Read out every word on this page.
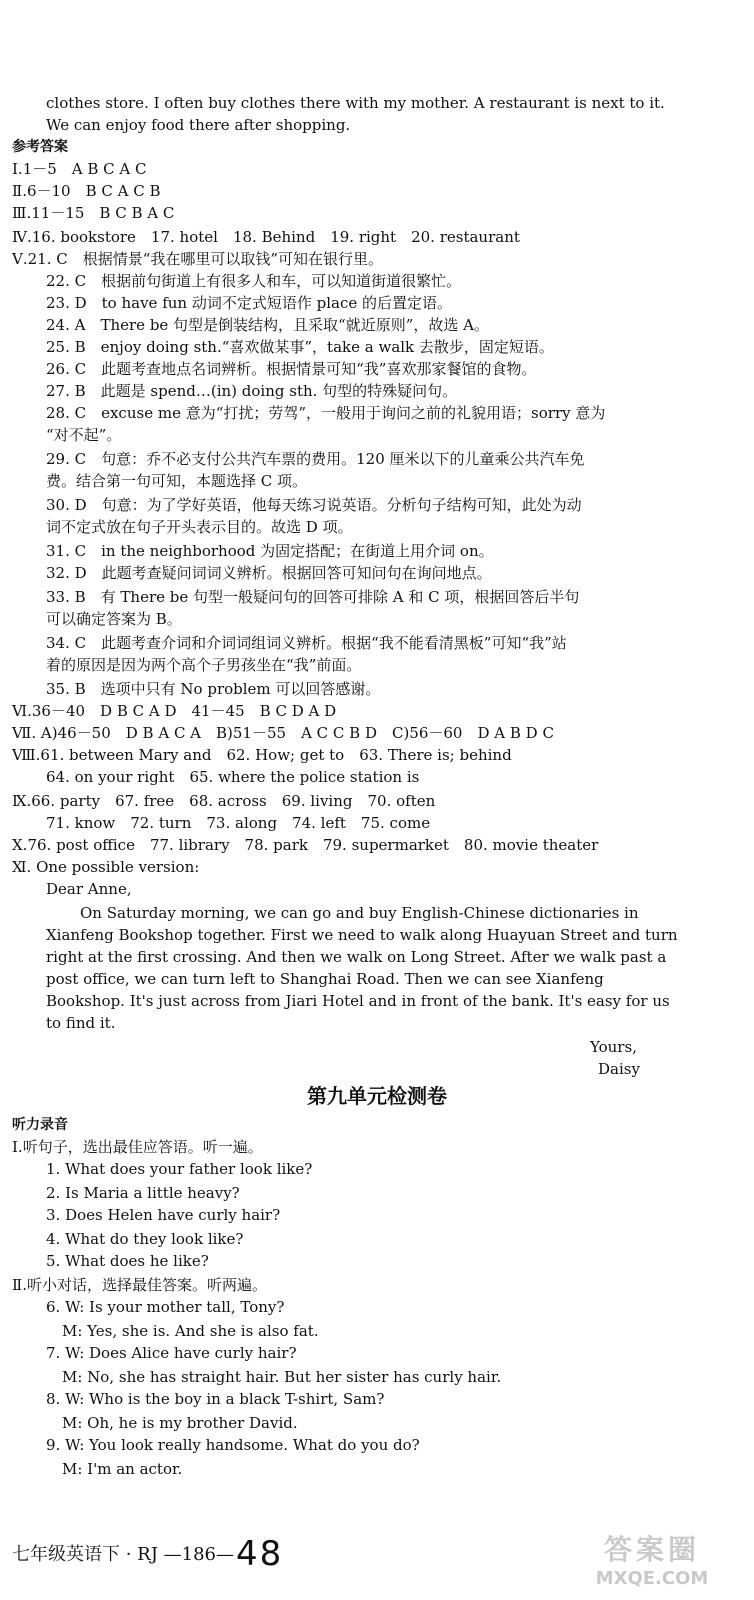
clothes store. I often buy clothes there with my mother. A restaurant is next to it.
We can enjoy food there after shopping.
参考答案
Ⅰ.1－5　A B C A C
Ⅱ.6－10　B C A C B
Ⅲ.11－15　B C B A C
Ⅳ.16. bookstore　17. hotel　18. Behind　19. right　20. restaurant
Ⅴ.21. C　根据情景“我在哪里可以取钱”可知在银行里。
22. C　根据前句街道上有很多人和车，可以知道街道很繁忙。
23. D　to have fun 动词不定式短语作 place 的后置定语。
24. A　There be 句型是倒装结构，且采取“就近原则”，故选 A。
25. B　enjoy doing sth.“喜欢做某事”，take a walk 去散步，固定短语。
26. C　此题考查地点名词辨析。根据情景可知“我”喜欢那家餐馆的食物。
27. B　此题是 spend…(in) doing sth. 句型的特殊疑问句。
28. C　excuse me 意为“打扰；劳驾”，一般用于询问之前的礼貌用语；sorry 意为
“对不起”。
29. C　句意：乔不必支付公共汽车票的费用。120 厘米以下的儿童乘公共汽车免
费。结合第一句可知，本题选择 C 项。
30. D　句意：为了学好英语，他每天练习说英语。分析句子结构可知，此处为动
词不定式放在句子开头表示目的。故选 D 项。
31. C　in the neighborhood 为固定搭配；在街道上用介词 on。
32. D　此题考查疑问词词义辨析。根据回答可知问句在询问地点。
33. B　有 There be 句型一般疑问句的回答可排除 A 和 C 项，根据回答后半句
可以确定答案为 B。
34. C　此题考查介词和介词词组词义辨析。根据“我不能看清黑板”可知“我”站
着的原因是因为两个高个子男孩坐在“我”前面。
35. B　选项中只有 No problem 可以回答感谢。
Ⅵ.36－40　D B C A D　41－45　B C D A D
Ⅶ. A)46－50　D B A C A　B)51－55　A C C B D　C)56－60　D A B D C
Ⅷ.61. between Mary and　62. How; get to　63. There is; behind
64. on your right　65. where the police station is
Ⅸ.66. party　67. free　68. across　69. living　70. often
71. know　72. turn　73. along　74. left　75. come
Ⅹ.76. post office　77. library　78. park　79. supermarket　80. movie theater
Ⅺ. One possible version:
Dear Anne,
On Saturday morning, we can go and buy English-Chinese dictionaries in
Xianfeng Bookshop together. First we need to walk along Huayuan Street and turn
right at the first crossing. And then we walk on Long Street. After we walk past a
post office, we can turn left to Shanghai Road. Then we can see Xianfeng
Bookshop. It's just across from Jiari Hotel and in front of the bank. It's easy for us
to find it.
Yours,
Daisy
听力录音
Ⅰ.听句子，选出最佳应答语。听一遍。
1. What does your father look like?
2. Is Maria a little heavy?
3. Does Helen have curly hair?
4. What do they look like?
5. What does he like?
Ⅱ.听小对话，选择最佳答案。听两遍。
6. W: Is your mother tall, Tony?
M: Yes, she is. And she is also fat.
7. W: Does Alice have curly hair?
M: No, she has straight hair. But her sister has curly hair.
8. W: Who is the boy in a black T-shirt, Sam?
M: Oh, he is my brother David.
9. W: You look really handsome. What do you do?
M: I'm an actor.
第九单元检测卷
七年级英语下 · RJ —186— 48	答案圈
MXQE.COM
